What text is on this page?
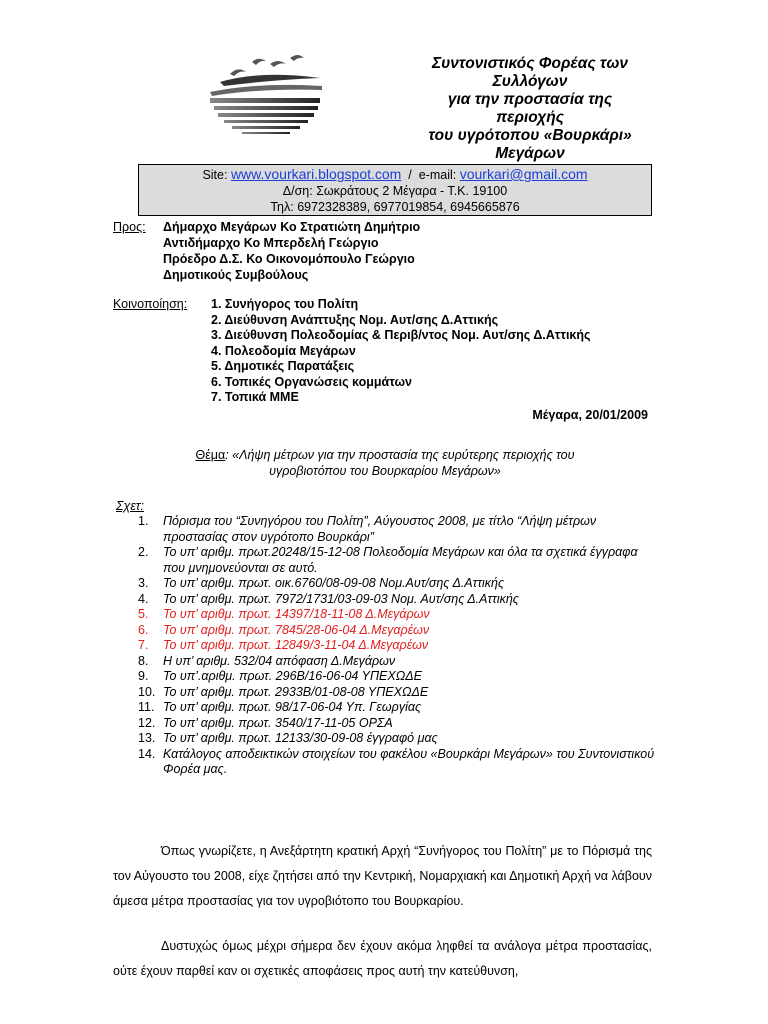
Συντονιστικός Φορέας των
Συλλόγων
για την προστασία της
περιοχής
του υγρότοπου «Βουρκάρι»
Μεγάρων
Site: www.vourkari.blogspot.com / e-mail: vourkari@gmail.com
Δ/ση: Σωκράτους 2 Μέγαρα - Τ.Κ. 19100
Τηλ: 6972328389, 6977019854, 6945665876
Προς:	Δήμαρχο Μεγάρων Κο Στρατιώτη Δημήτριο
Αντιδήμαρχο Κο Μπερδελή Γεώργιο
Πρόεδρο Δ.Σ. Κο Οικονομόπουλο Γεώργιο
Δημοτικούς Συμβούλους
Κοινοποίηση:	1. Συνήγορος του Πολίτη
2. Διεύθυνση Ανάπτυξης Νομ. Αυτ/σης Δ.Αττικής
3. Διεύθυνση Πολεοδομίας & Περιβ/ντος Νομ. Αυτ/σης Δ.Αττικής
4. Πολεοδομία Μεγάρων
5. Δημοτικές Παρατάξεις
6. Τοπικές Οργανώσεις κομμάτων
7. Τοπικά ΜΜΕ
Μέγαρα, 20/01/2009
Θέμα: «Λήψη μέτρων για την προστασία της ευρύτερης περιοχής του
υγροβιοτόπου του Βουρκαρίου Μεγάρων»
Σχετ:
1.	Πόρισμα του “Συνηγόρου του Πολίτη”, Αύγουστος 2008, με τίτλο “Λήψη μέτρων προστασίας στον υγρότοπο Βουρκάρι”
2.	Το υπ’ αριθμ. πρωτ.20248/15-12-08 Πολεοδομία Μεγάρων και όλα τα σχετικά έγγραφα που μνημονεύονται σε αυτό.
3.	Το υπ’ αριθμ. πρωτ. οικ.6760/08-09-08 Νομ.Αυτ/σης Δ.Αττικής
4.	Το υπ’ αριθμ. πρωτ. 7972/1731/03-09-03 Νομ. Αυτ/σης Δ.Αττικής
5.	Το υπ’ αριθμ. πρωτ. 14397/18-11-08 Δ.Μεγάρων
6.	Το υπ’ αριθμ. πρωτ. 7845/28-06-04 Δ.Μεγαρέων
7.	Το υπ’ αριθμ. πρωτ. 12849/3-11-04 Δ.Μεγαρέων
8.	Η υπ’ αριθμ. 532/04 απόφαση Δ.Μεγάρων
9.	Το υπ’.αριθμ. πρωτ. 296Β/16-06-04 ΥΠΕΧΩΔΕ
10. Το υπ’ αριθμ. πρωτ. 2933Β/01-08-08 ΥΠΕΧΩΔΕ
11. Το υπ’ αριθμ. πρωτ. 98/17-06-04 Υπ. Γεωργίας
12. Το υπ’ αριθμ. πρωτ. 3540/17-11-05 ΟΡΣΑ
13. Το υπ’ αριθμ. πρωτ. 12133/30-09-08 έγγραφό μας
14. Κατάλογος αποδεικτικών στοιχείων του φακέλου «Βουρκάρι Μεγάρων» του Συντονιστικού Φορέα μας.
Όπως γνωρίζετε, η Ανεξάρτητη κρατική Αρχή “Συνήγορος του Πολίτη” με το Πόρισμά της τον Αύγουστο του 2008, είχε ζητήσει από την Κεντρική, Νομαρχιακή και Δημοτική Αρχή να λάβουν άμεσα μέτρα προστασίας για τον υγροβιότοπο του Βουρκαρίου.
Δυστυχώς όμως μέχρι σήμερα δεν έχουν ακόμα ληφθεί τα ανάλογα μέτρα προστασίας, ούτε έχουν παρθεί καν οι σχετικές αποφάσεις προς αυτή την κατεύθυνση,
